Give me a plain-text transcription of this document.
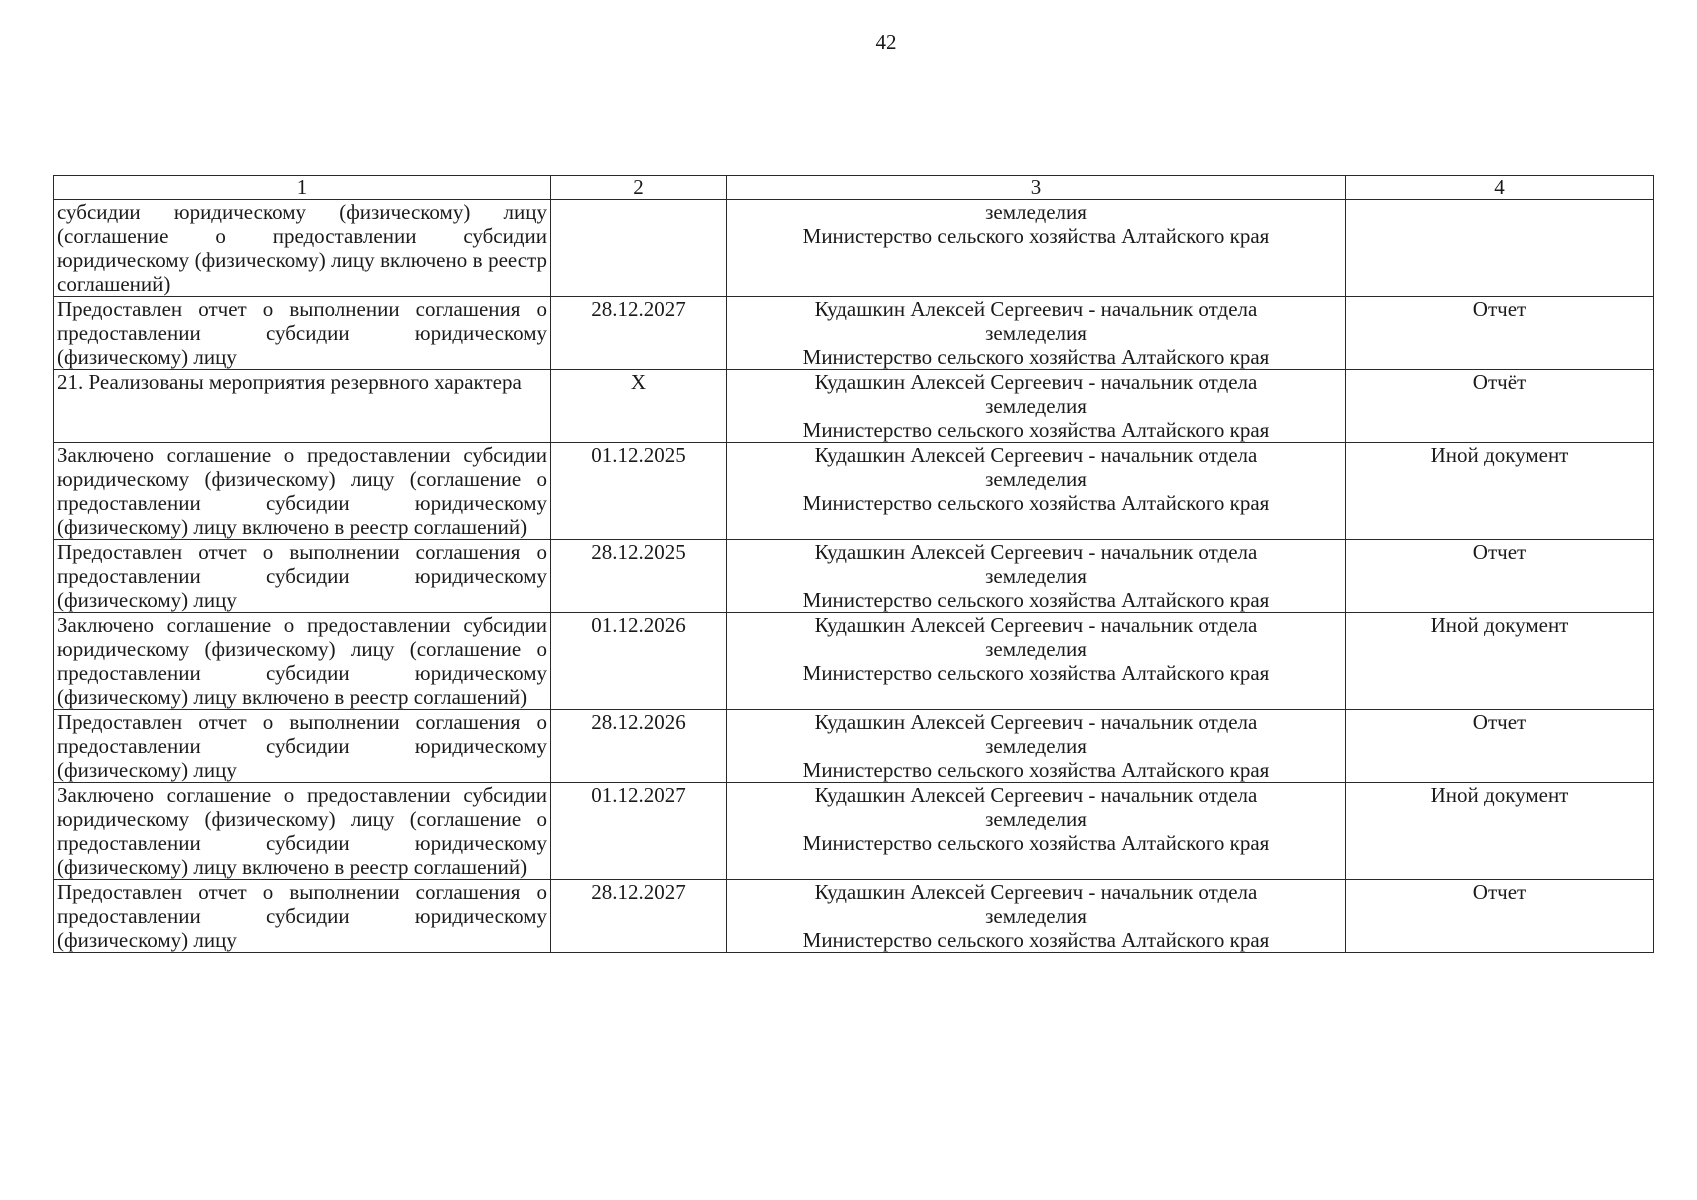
42
1	2	3	4
субсидии юридическому (физическому) лицу (соглашение о предоставлении субсидии юридическому (физическому) лицу включено в реестр соглашений)		земледелия
Министерство сельского хозяйства Алтайского края	

Предоставлен отчет о выполнении соглашения о предоставлении субсидии юридическому (физическому) лицу	28.12.2027	Кудашкин Алексей Сергеевич - начальник отдела
земледелия
Министерство сельского хозяйства Алтайского края	Отчет
21. Реализованы мероприятия резервного характера	X	Кудашкин Алексей Сергеевич - начальник отдела
земледелия
Министерство сельского хозяйства Алтайского края	Отчёт
Заключено соглашение о предоставлении субсидии юридическому (физическому) лицу (соглашение о предоставлении субсидии юридическому (физическому) лицу включено в реестр соглашений)	01.12.2025	Кудашкин Алексей Сергеевич - начальник отдела
земледелия
Министерство сельского хозяйства Алтайского края	Иной документ
Предоставлен отчет о выполнении соглашения о предоставлении субсидии юридическому (физическому) лицу	28.12.2025	Кудашкин Алексей Сергеевич - начальник отдела
земледелия
Министерство сельского хозяйства Алтайского края	Отчет
Заключено соглашение о предоставлении субсидии юридическому (физическому) лицу (соглашение о предоставлении субсидии юридическому (физическому) лицу включено в реестр соглашений)	01.12.2026	Кудашкин Алексей Сергеевич - начальник отдела
земледелия
Министерство сельского хозяйства Алтайского края	Иной документ
Предоставлен отчет о выполнении соглашения о предоставлении субсидии юридическому (физическому) лицу	28.12.2026	Кудашкин Алексей Сергеевич - начальник отдела
земледелия
Министерство сельского хозяйства Алтайского края	Отчет
Заключено соглашение о предоставлении субсидии юридическому (физическому) лицу (соглашение о предоставлении субсидии юридическому (физическому) лицу включено в реестр соглашений)	01.12.2027	Кудашкин Алексей Сергеевич - начальник отдела
земледелия
Министерство сельского хозяйства Алтайского края	Иной документ
Предоставлен отчет о выполнении соглашения о предоставлении субсидии юридическому (физическому) лицу	28.12.2027	Кудашкин Алексей Сергеевич - начальник отдела
земледелия
Министерство сельского хозяйства Алтайского края	Отчет
